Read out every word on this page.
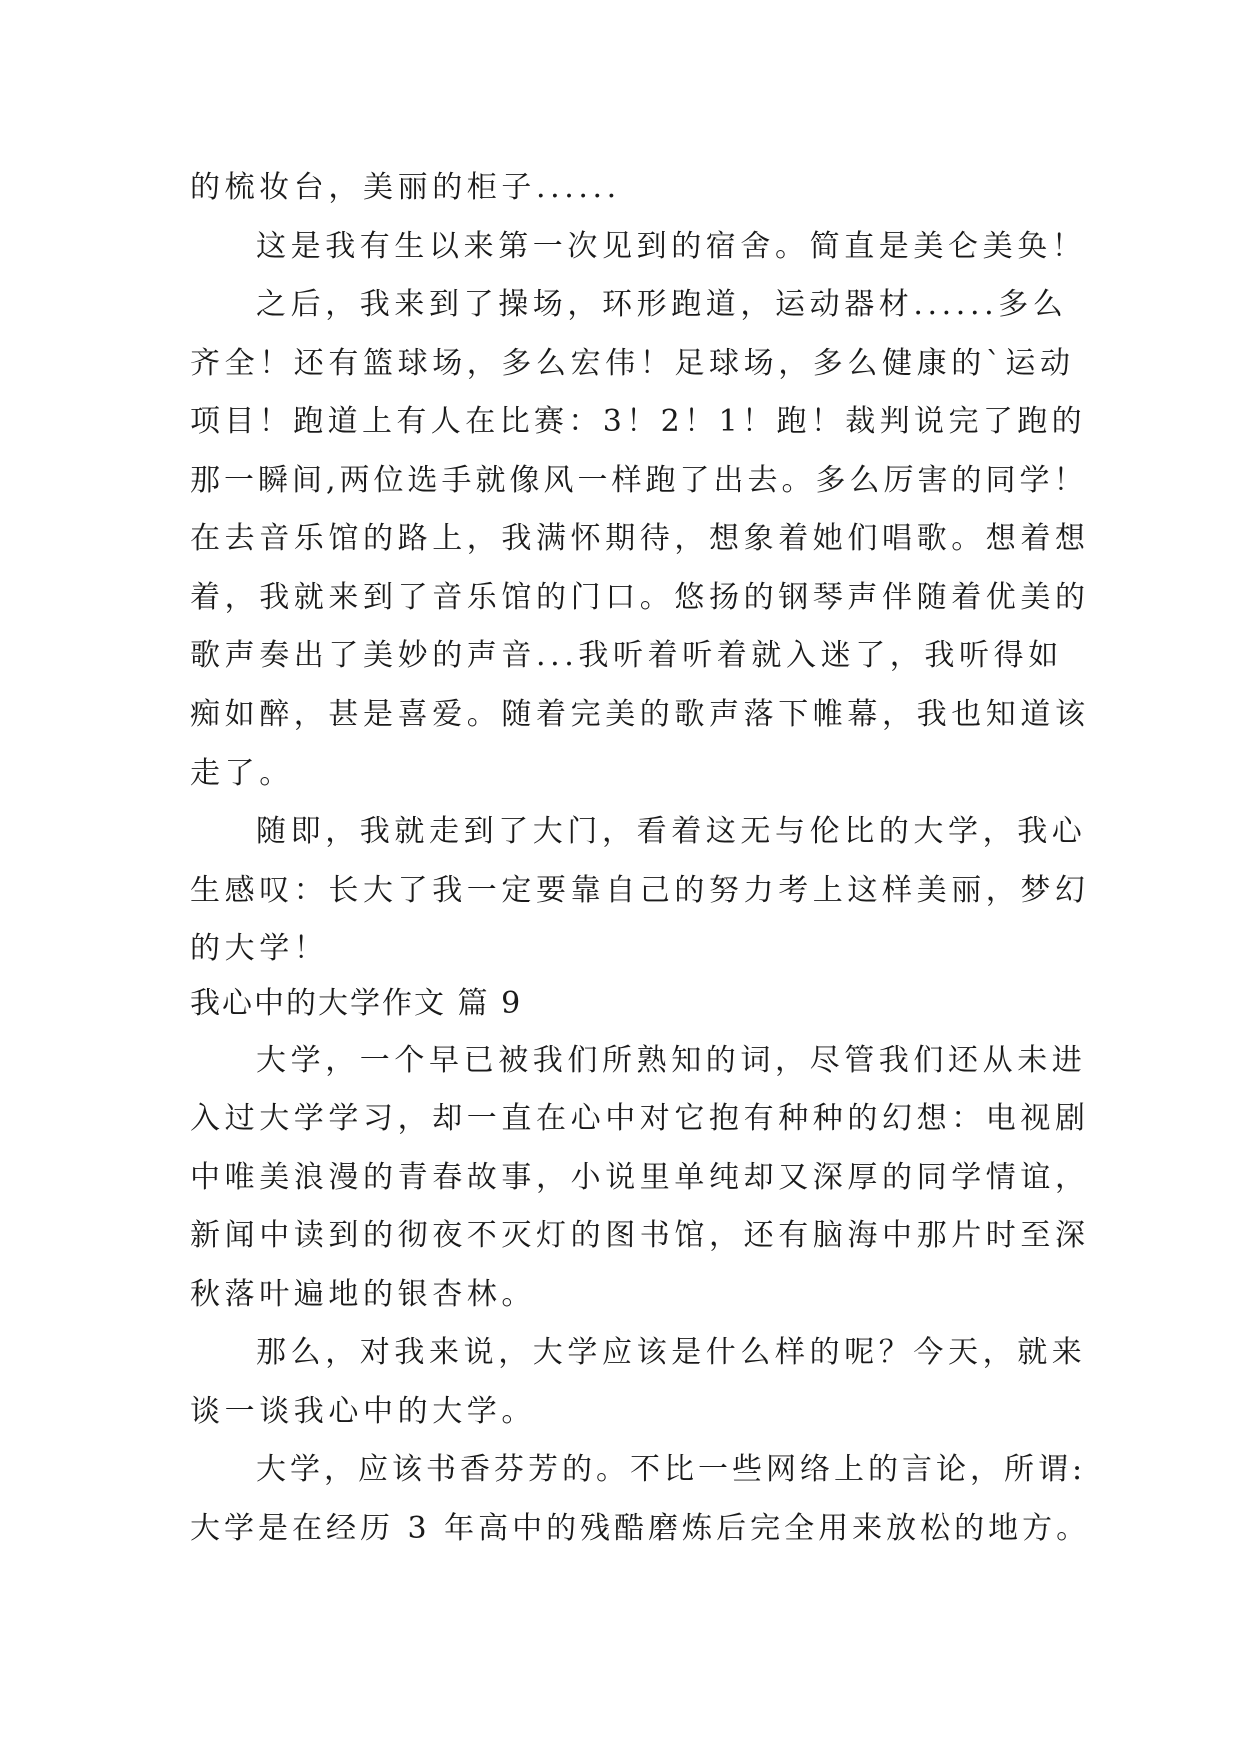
的梳妆台，美丽的柜子......
这是我有生以来第一次见到的宿舍。简直是美仑美奂！
之后，我来到了操场，环形跑道，运动器材......多么
齐全！还有篮球场，多么宏伟！足球场，多么健康的`运动
项目！跑道上有人在比赛：3！2！1！跑！裁判说完了跑的
那一瞬间,两位选手就像风一样跑了出去。多么厉害的同学！
在去音乐馆的路上，我满怀期待，想象着她们唱歌。想着想
着，我就来到了音乐馆的门口。悠扬的钢琴声伴随着优美的
歌声奏出了美妙的声音...我听着听着就入迷了，我听得如
痴如醉，甚是喜爱。随着完美的歌声落下帷幕，我也知道该
走了。
随即，我就走到了大门，看着这无与伦比的大学，我心
生感叹：长大了我一定要靠自己的努力考上这样美丽，梦幻
的大学！
我心中的大学作文 篇 9
大学，一个早已被我们所熟知的词，尽管我们还从未进
入过大学学习，却一直在心中对它抱有种种的幻想：电视剧
中唯美浪漫的青春故事，小说里单纯却又深厚的同学情谊，
新闻中读到的彻夜不灭灯的图书馆，还有脑海中那片时至深
秋落叶遍地的银杏林。
那么，对我来说，大学应该是什么样的呢？今天，就来
谈一谈我心中的大学。
大学，应该书香芬芳的。不比一些网络上的言论，所谓:
大学是在经历 3 年高中的残酷磨炼后完全用来放松的地方。
